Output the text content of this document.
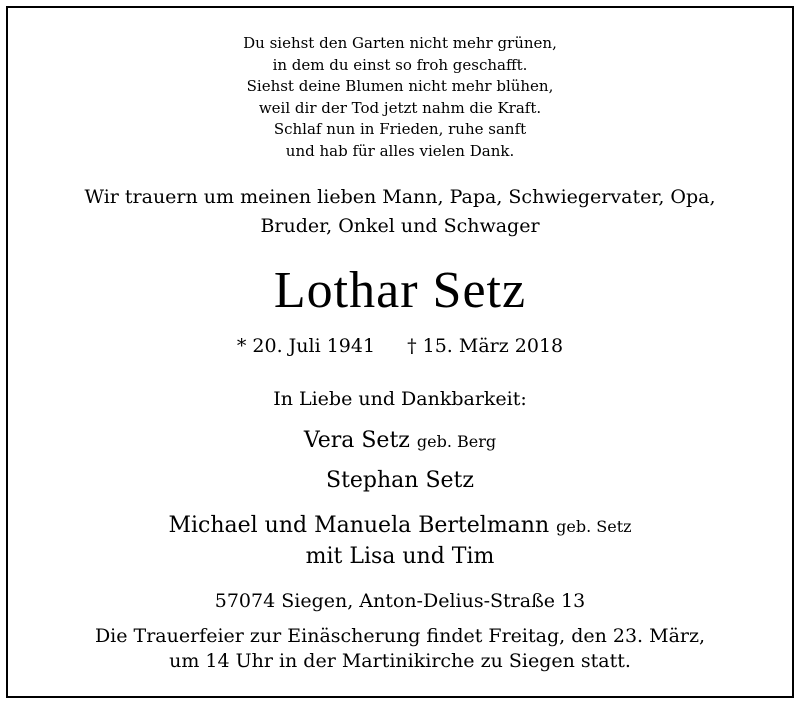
Du siehst den Garten nicht mehr grünen,
in dem du einst so froh geschafft.
Siehst deine Blumen nicht mehr blühen,
weil dir der Tod jetzt nahm die Kraft.
Schlaf nun in Frieden, ruhe sanft
und hab für alles vielen Dank.
Wir trauern um meinen lieben Mann, Papa, Schwiegervater, Opa,
Bruder, Onkel und Schwager
Lothar Setz
* 20. Juli 1941 † 15. März 2018
In Liebe und Dankbarkeit:
Vera Setz geb. Berg
Stephan Setz
Michael und Manuela Bertelmann geb. Setz
mit Lisa und Tim
57074 Siegen, Anton-Delius-Straße 13
Die Trauerfeier zur Einäscherung findet Freitag, den 23. März,
um 14 Uhr in der Martinikirche zu Siegen statt.
